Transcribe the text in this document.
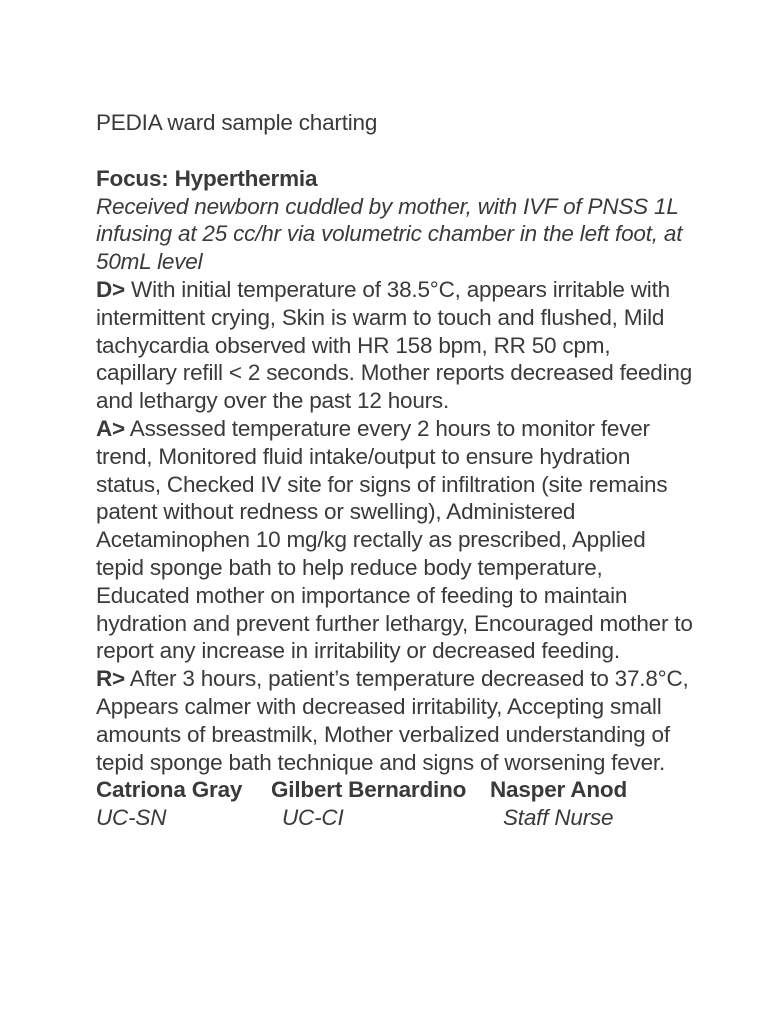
PEDIA ward sample charting

Focus: Hyperthermia

Received newborn cuddled by mother, with IVF of PNSS 1L infusing at 25 cc/hr via volumetric chamber in the left foot, at 50mL level

D> With initial temperature of 38.5°C, appears irritable with intermittent crying, Skin is warm to touch and flushed, Mild tachycardia observed with HR 158 bpm, RR 50 cpm, capillary refill < 2 seconds. Mother reports decreased feeding and lethargy over the past 12 hours.

A> Assessed temperature every 2 hours to monitor fever trend, Monitored fluid intake/output to ensure hydration status, Checked IV site for signs of infiltration (site remains patent without redness or swelling), Administered Acetaminophen 10 mg/kg rectally as prescribed, Applied tepid sponge bath to help reduce body temperature, Educated mother on importance of feeding to maintain hydration and prevent further lethargy, Encouraged mother to report any increase in irritability or decreased feeding.

R> After 3 hours, patient’s temperature decreased to 37.8°C, Appears calmer with decreased irritability, Accepting small amounts of breastmilk, Mother verbalized understanding of tepid sponge bath technique and signs of worsening fever.

Catriona Gray Gilbert Bernardino Nasper Anod
UC-SN	UC-CI	Staff Nurse
